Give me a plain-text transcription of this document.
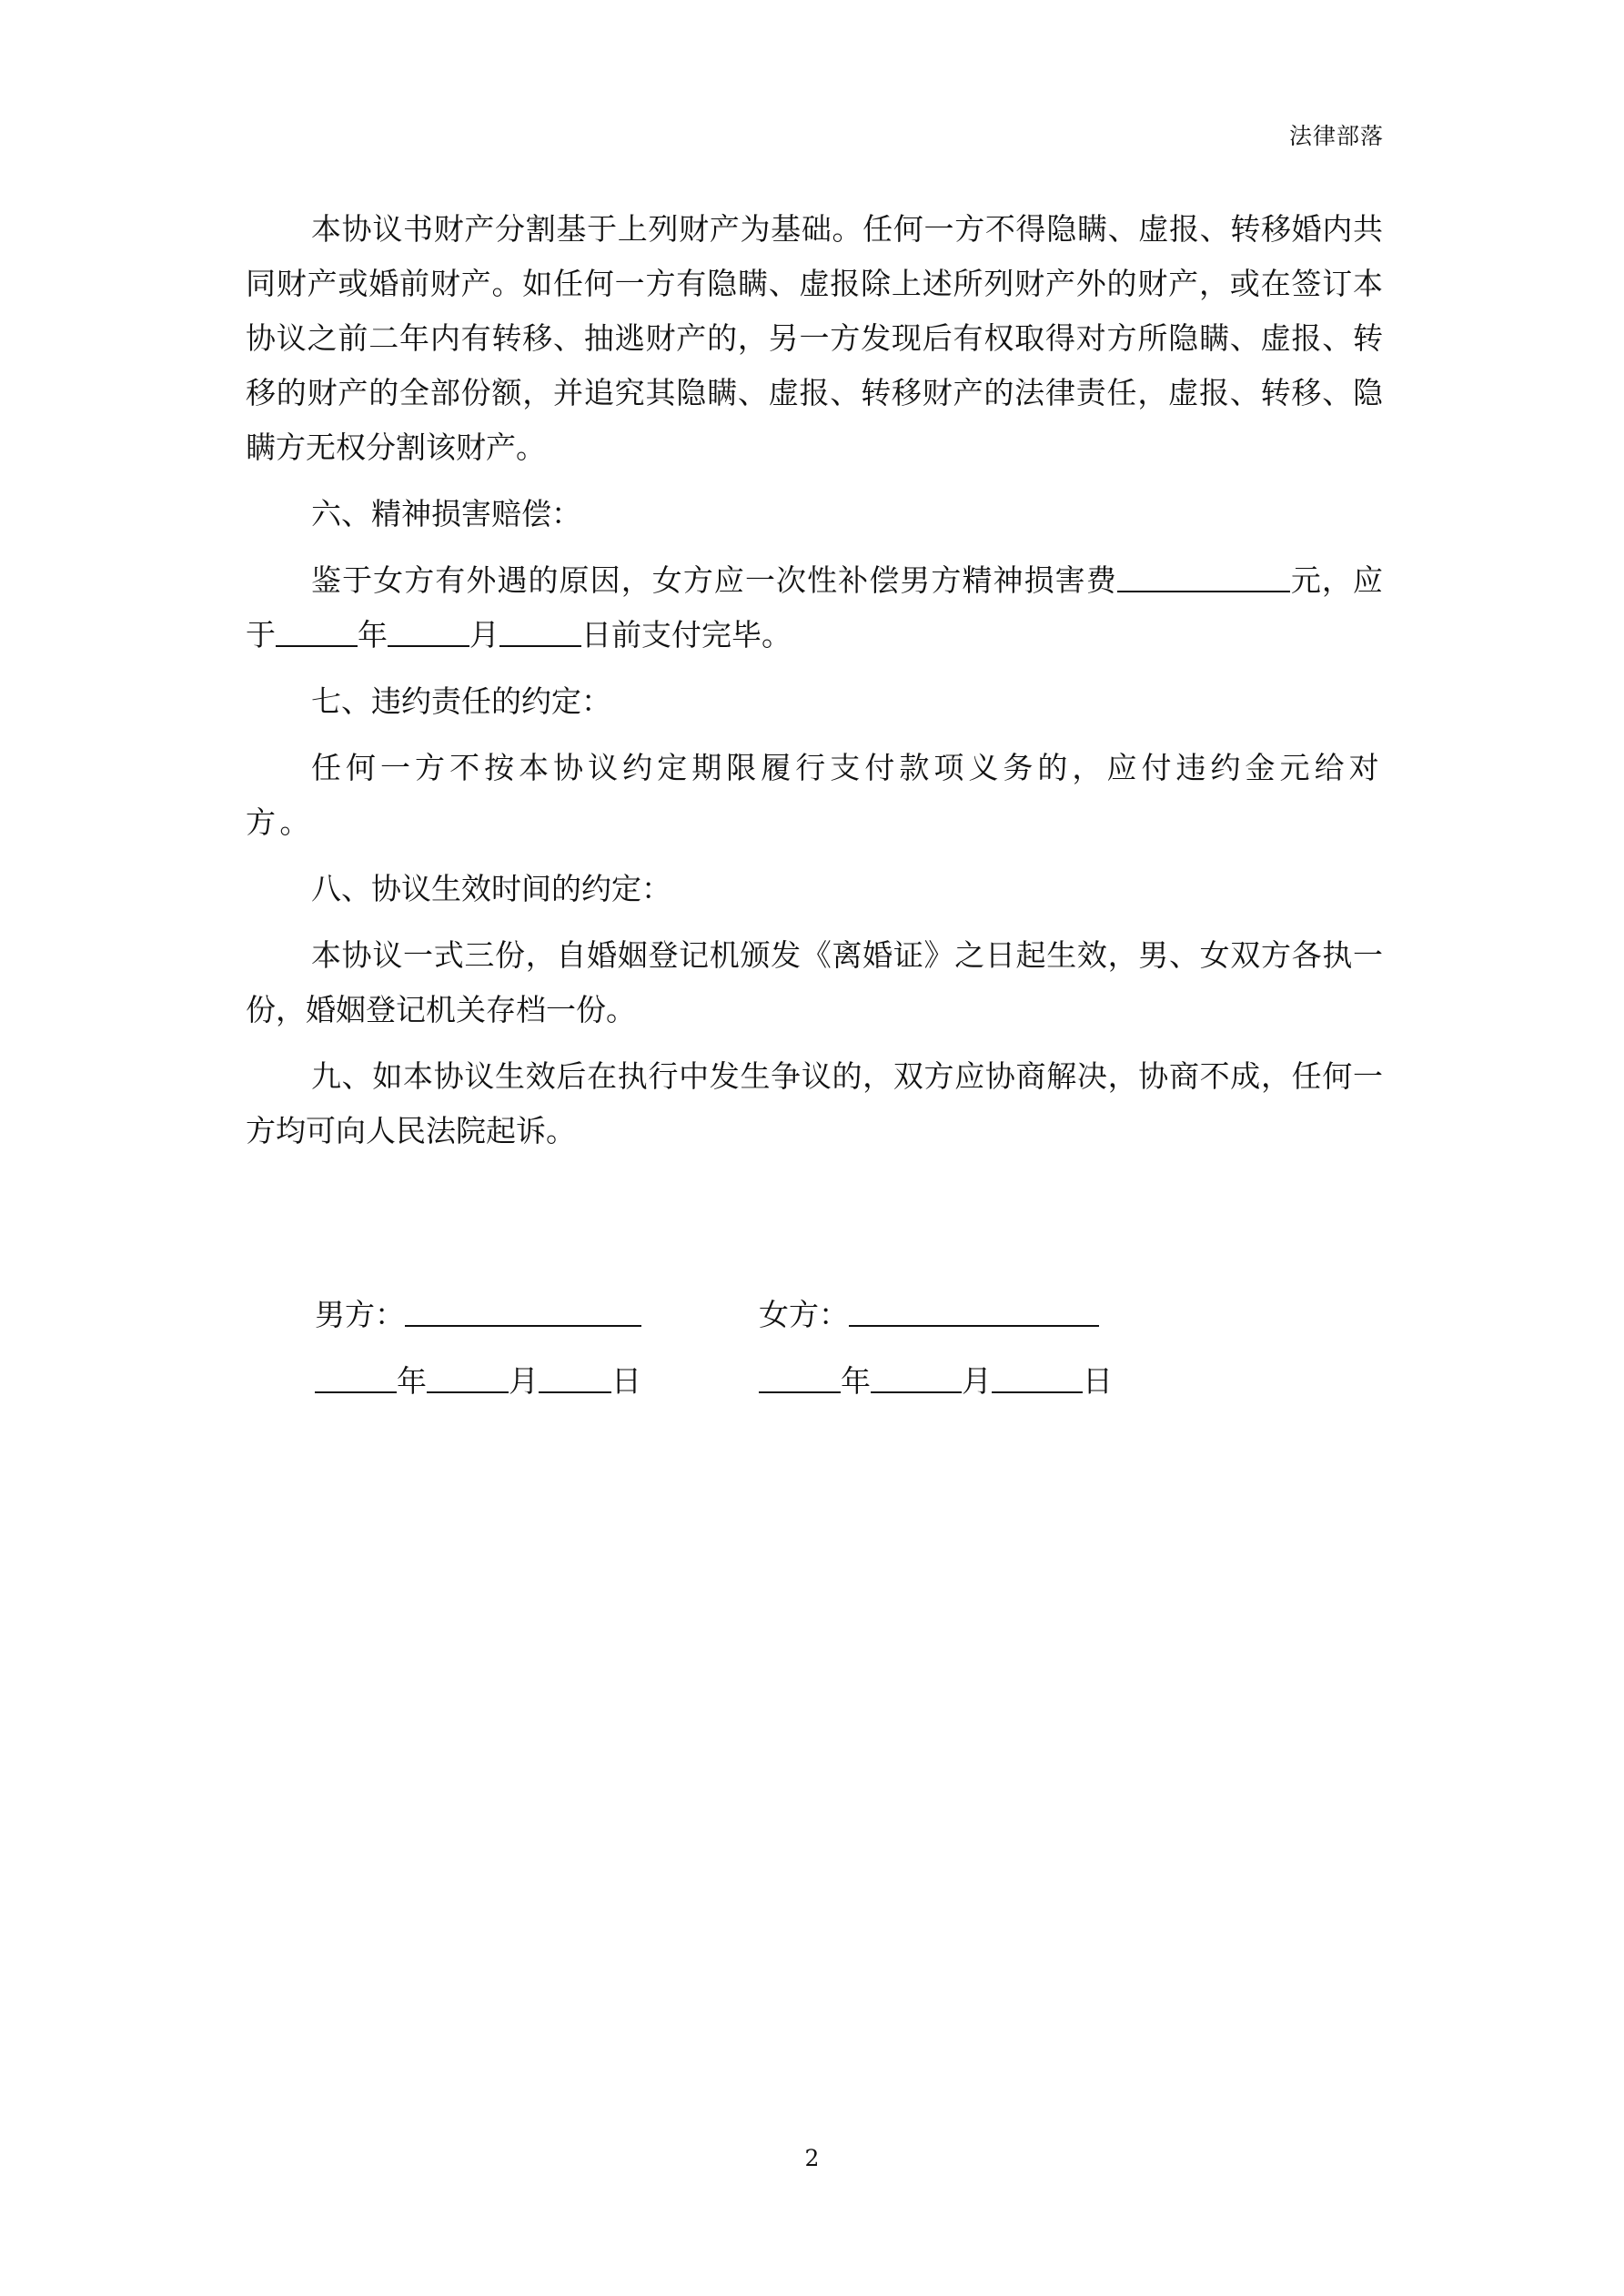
法律部落

本协议书财产分割基于上列财产为基础。任何一方不得隐瞒、虚报、转移婚内共同财产或婚前财产。如任何一方有隐瞒、虚报除上述所列财产外的财产，或在签订本协议之前二年内有转移、抽逃财产的，另一方发现后有权取得对方所隐瞒、虚报、转移的财产的全部份额，并追究其隐瞒、虚报、转移财产的法律责任，虚报、转移、隐瞒方无权分割该财产。

六、精神损害赔偿：

鉴于女方有外遇的原因，女方应一次性补偿男方精神损害费	元，应于	年	月	日前支付完毕。

七、违约责任的约定：

任何一方不按本协议约定期限履行支付款项义务的，应付违约金元给对方。

八、协议生效时间的约定：

本协议一式三份，自婚姻登记机颁发《离婚证》之日起生效，男、女双方各执一份，婚姻登记机关存档一份。

九、如本协议生效后在执行中发生争议的，双方应协商解决，协商不成，任何一方均可向人民法院起诉。

男方：	女方：
年	月 日	年	月	日
2
